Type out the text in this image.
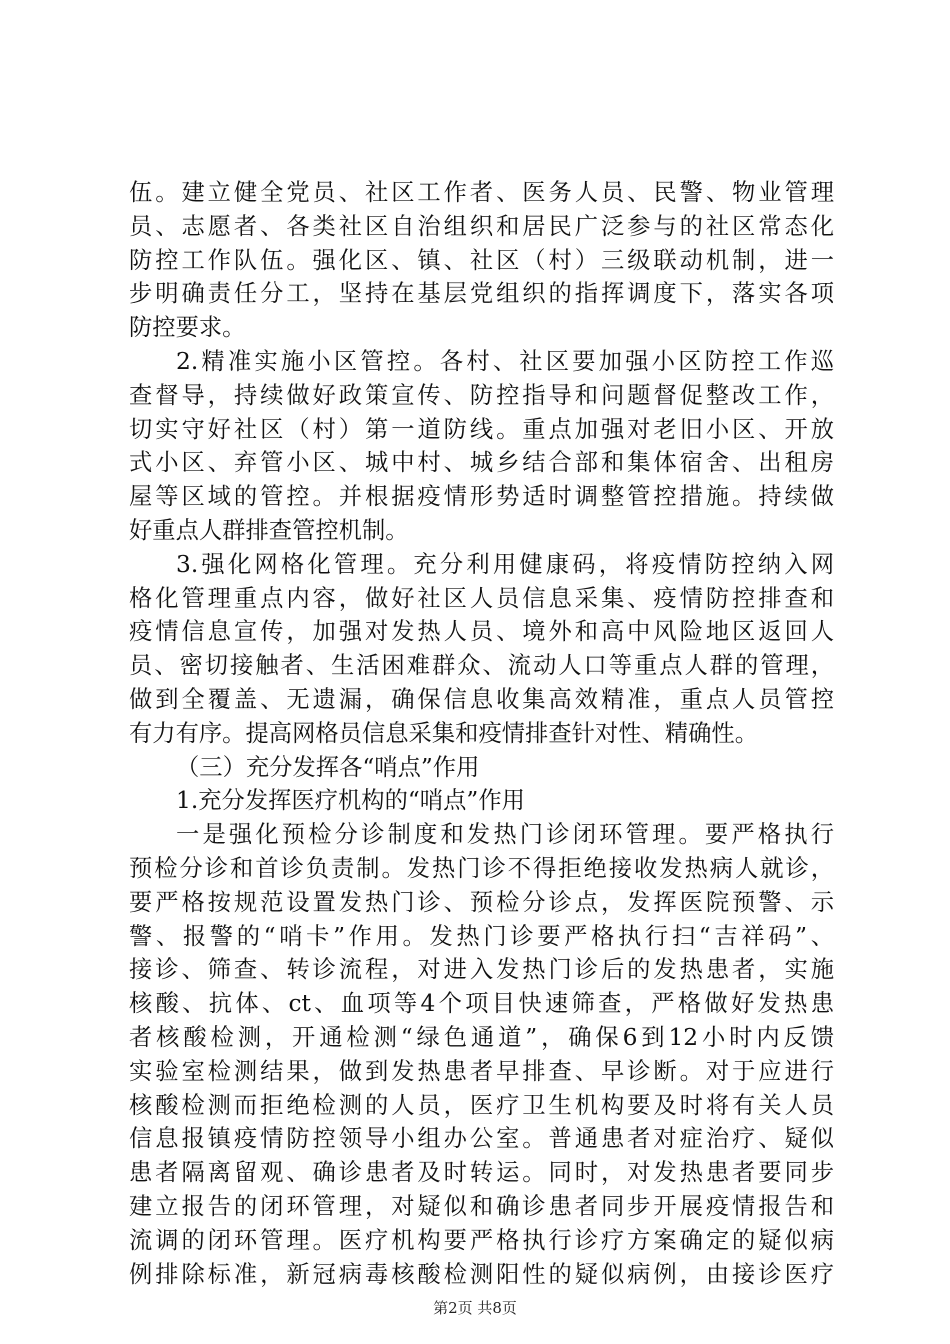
伍。建立健全党员、社区工作者、医务人员、民警、物业管理
员、志愿者、各类社区自治组织和居民广泛参与的社区常态化
防控工作队伍。强化区、镇、社区（村）三级联动机制，进一
步明确责任分工，坚持在基层党组织的指挥调度下，落实各项
防控要求。
2.精准实施小区管控。各村、社区要加强小区防控工作巡
查督导，持续做好政策宣传、防控指导和问题督促整改工作，
切实守好社区（村）第一道防线。重点加强对老旧小区、开放
式小区、弃管小区、城中村、城乡结合部和集体宿舍、出租房
屋等区域的管控。并根据疫情形势适时调整管控措施。持续做
好重点人群排查管控机制。
3.强化网格化管理。充分利用健康码，将疫情防控纳入网
格化管理重点内容，做好社区人员信息采集、疫情防控排查和
疫情信息宣传，加强对发热人员、境外和高中风险地区返回人
员、密切接触者、生活困难群众、流动人口等重点人群的管理，
做到全覆盖、无遗漏，确保信息收集高效精准，重点人员管控
有力有序。提高网格员信息采集和疫情排查针对性、精确性。
（三）充分发挥各“哨点”作用
1.充分发挥医疗机构的“哨点”作用
一是强化预检分诊制度和发热门诊闭环管理。要严格执行
预检分诊和首诊负责制。发热门诊不得拒绝接收发热病人就诊，
要严格按规范设置发热门诊、预检分诊点，发挥医院预警、示
警、报警的“哨卡”作用。发热门诊要严格执行扫“吉祥码”、
接诊、筛查、转诊流程，对进入发热门诊后的发热患者，实施
核酸、抗体、ct、血项等4个项目快速筛查，严格做好发热患
者核酸检测，开通检测“绿色通道”，确保6到12小时内反馈
实验室检测结果，做到发热患者早排查、早诊断。对于应进行
核酸检测而拒绝检测的人员，医疗卫生机构要及时将有关人员
信息报镇疫情防控领导小组办公室。普通患者对症治疗、疑似
患者隔离留观、确诊患者及时转运。同时，对发热患者要同步
建立报告的闭环管理，对疑似和确诊患者同步开展疫情报告和
流调的闭环管理。医疗机构要严格执行诊疗方案确定的疑似病
例排除标准，新冠病毒核酸检测阳性的疑似病例，由接诊医疗
第2页 共8页
